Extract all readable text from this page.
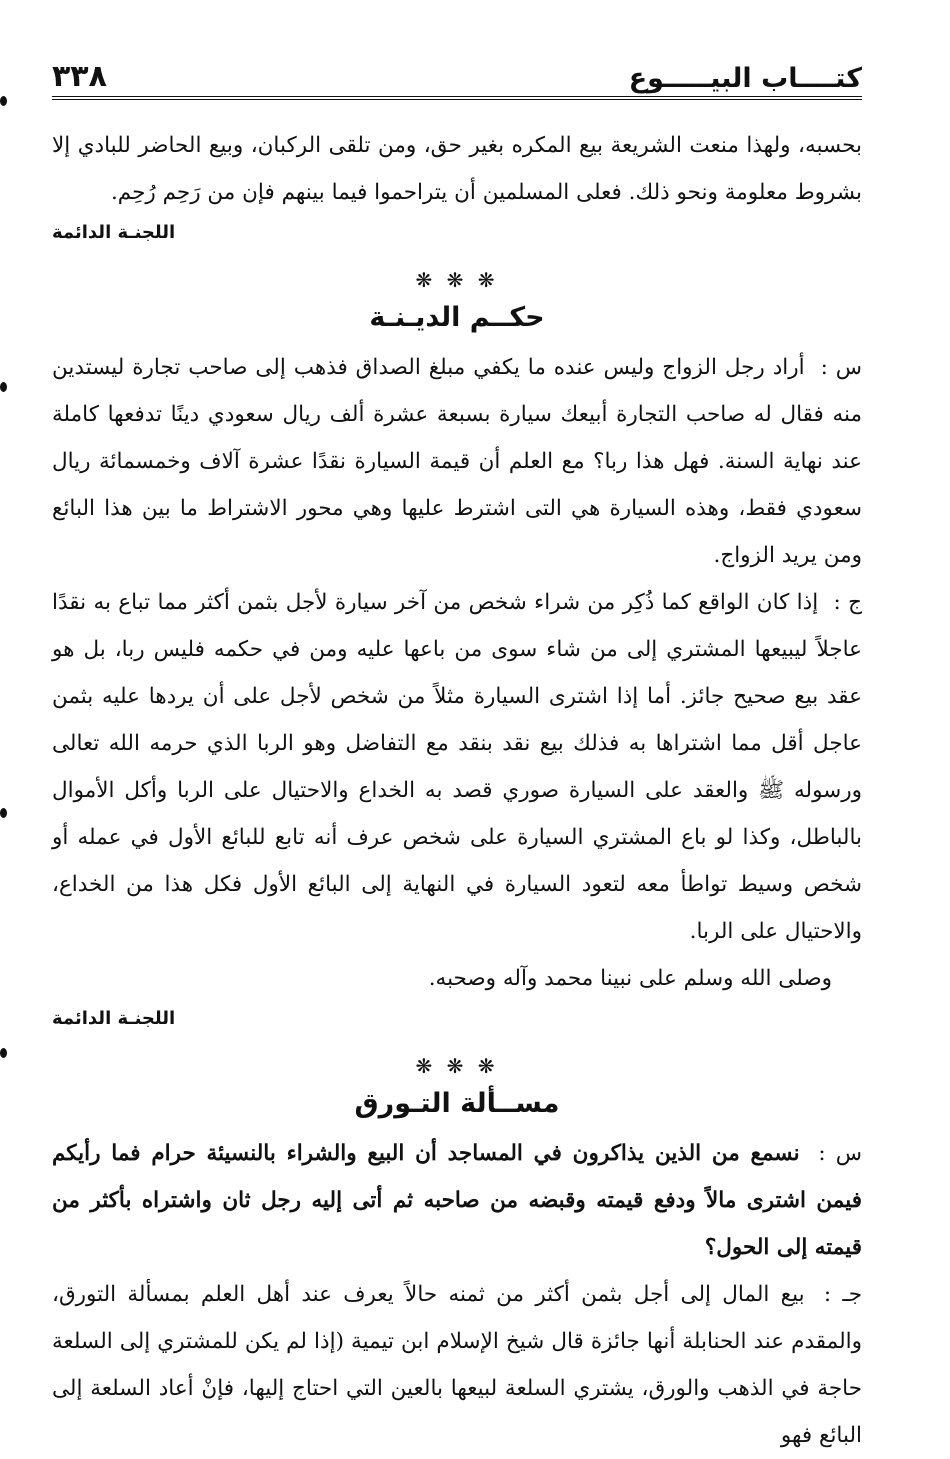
كتــــاب البيـــــوع
٣٣٨

بحسبه، ولهذا منعت الشريعة بيع المكره بغير حق، ومن تلقى الركبان، وبيع الحاضر للبادي إلا بشروط معلومة ونحو ذلك. فعلى المسلمين أن يتراحموا فيما بينهم فإن من رَحِم رُحِم.

اللجنـة الدائمة

❋ ❋ ❋
حكــم الديـنـة

س : أراد رجل الزواج وليس عنده ما يكفي مبلغ الصداق فذهب إلى صاحب تجارة ليستدين منه فقال له صاحب التجارة أبيعك سيارة بسبعة عشرة ألف ريال سعودي دينًا تدفعها كاملة عند نهاية السنة. فهل هذا ربا؟ مع العلم أن قيمة السيارة نقدًا عشرة آلاف وخمسمائة ريال سعودي فقط، وهذه السيارة هي التى اشترط عليها وهي محور الاشتراط ما بين هذا البائع ومن يريد الزواج.

ج : إذا كان الواقع كما ذُكِر من شراء شخص من آخر سيارة لأجل بثمن أكثر مما تباع به نقدًا عاجلاً ليبيعها المشتري إلى من شاء سوى من باعها عليه ومن في حكمه فليس ربا، بل هو عقد بيع صحيح جائز. أما إذا اشترى السيارة مثلاً من شخص لأجل على أن يردها عليه بثمن عاجل أقل مما اشتراها به فذلك بيع نقد بنقد مع التفاضل وهو الربا الذي حرمه الله تعالى ورسوله ﷺ والعقد على السيارة صوري قصد به الخداع والاحتيال على الربا وأكل الأموال بالباطل، وكذا لو باع المشتري السيارة على شخص عرف أنه تابع للبائع الأول في عمله أو شخص وسيط تواطأ معه لتعود السيارة في النهاية إلى البائع الأول فكل هذا من الخداع، والاحتيال على الربا.

وصلى الله وسلم على نبينا محمد وآله وصحبه.

اللجنـة الدائمة

❋ ❋ ❋
مســألة التـورق

س : نسمع من الذين يذاكرون في المساجد أن البيع والشراء بالنسيئة حرام فما رأيكم فيمن اشترى مالاً ودفع قيمته وقبضه من صاحبه ثم أتى إليه رجل ثان واشتراه بأكثر من قيمته إلى الحول؟

جـ : بيع المال إلى أجل بثمن أكثر من ثمنه حالاً يعرف عند أهل العلم بمسألة التورق، والمقدم عند الحنابلة أنها جائزة قال شيخ الإسلام ابن تيمية (إذا لم يكن للمشتري إلى السلعة حاجة في الذهب والورق، يشتري السلعة لبيعها بالعين التي احتاج إليها، فإنْ أعاد السلعة إلى البائع فهو
